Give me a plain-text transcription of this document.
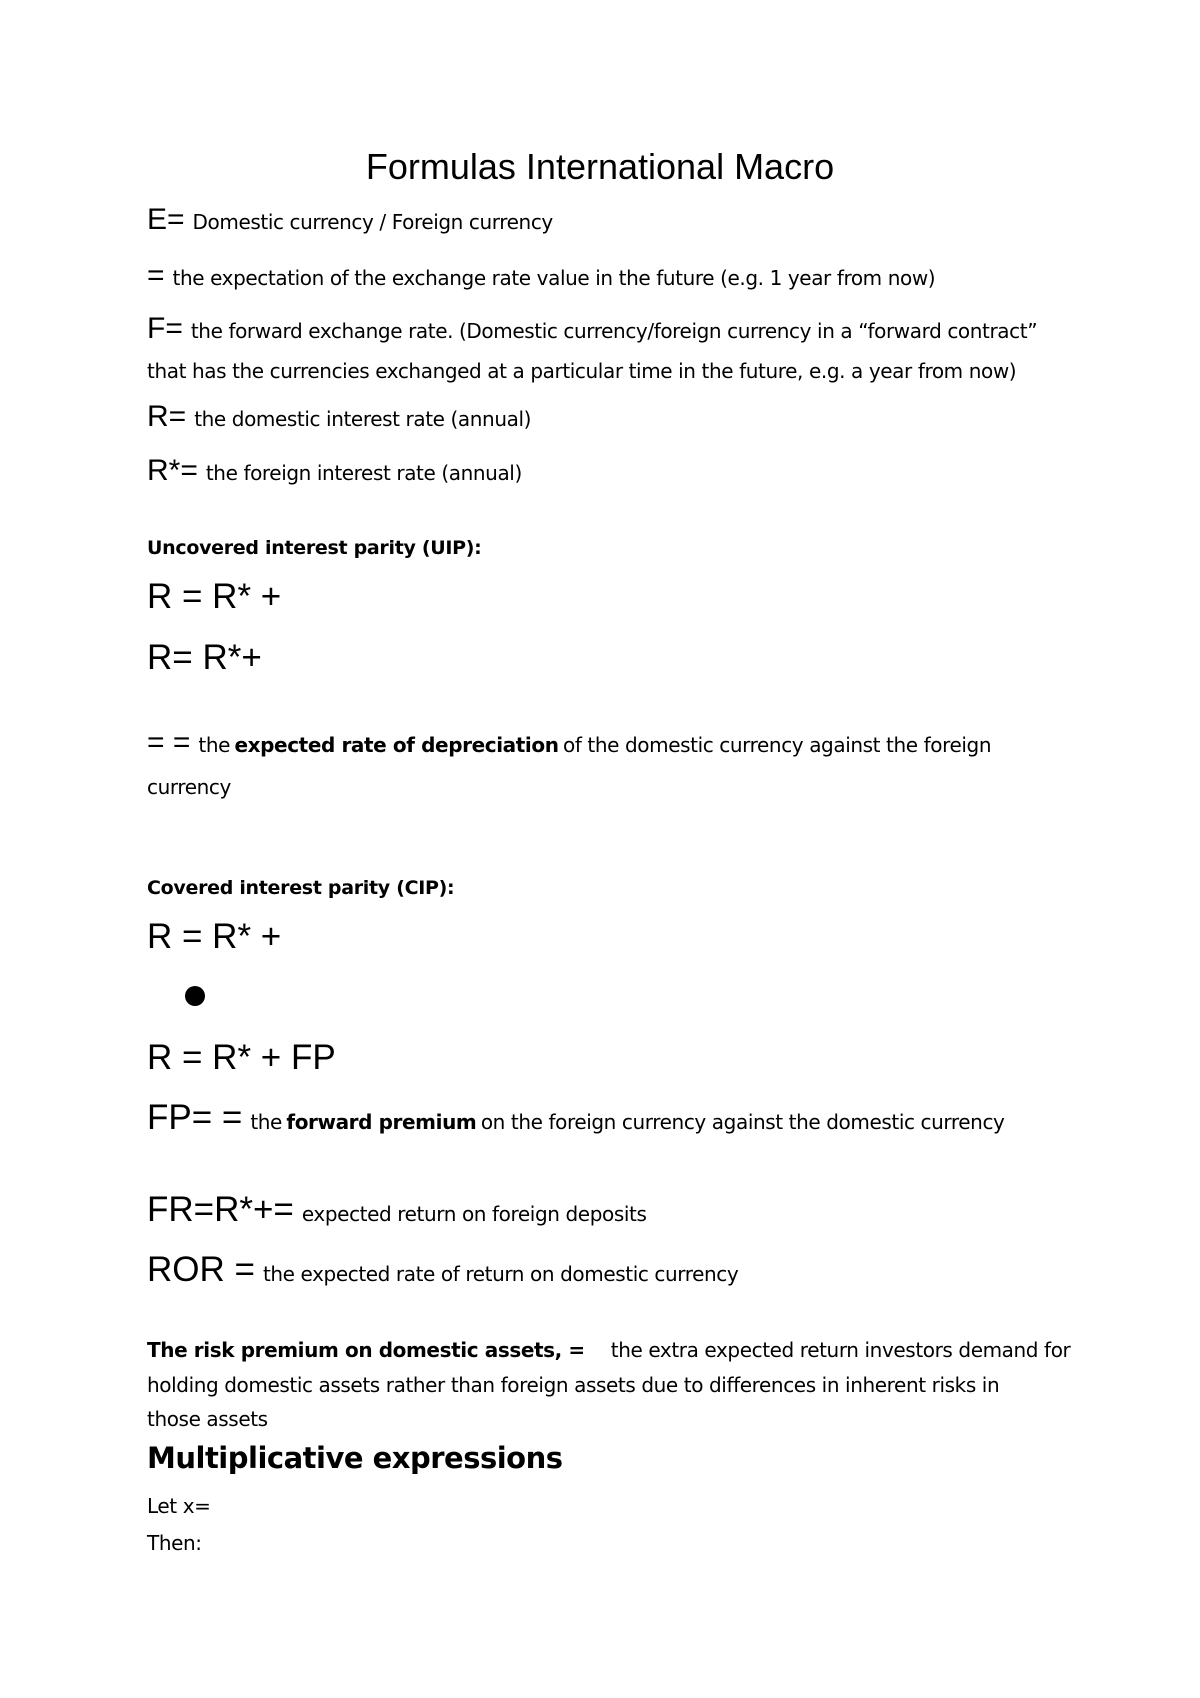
Formulas International Macro
E= Domestic currency / Foreign currency
= the expectation of the exchange rate value in the future (e.g. 1 year from now)
F= the forward exchange rate. (Domestic currency/foreign currency in a “forward contract”
that has the currencies exchanged at a particular time in the future, e.g. a year from now)
R= the domestic interest rate (annual)
R*= the foreign interest rate (annual)
Uncovered interest parity (UIP):
R = R* +
R= R*+
= = the expected rate of depreciation of the domestic currency against the foreign
currency
Covered interest parity (CIP):
R = R* +
R = R* + FP
FP= = the forward premium on the foreign currency against the domestic currency
FR=R*+= expected return on foreign deposits
ROR = the expected rate of return on domestic currency
The risk premium on domestic assets, = the extra expected return investors demand for
holding domestic assets rather than foreign assets due to differences in inherent risks in
those assets
Multiplicative expressions
Let x=
Then:
